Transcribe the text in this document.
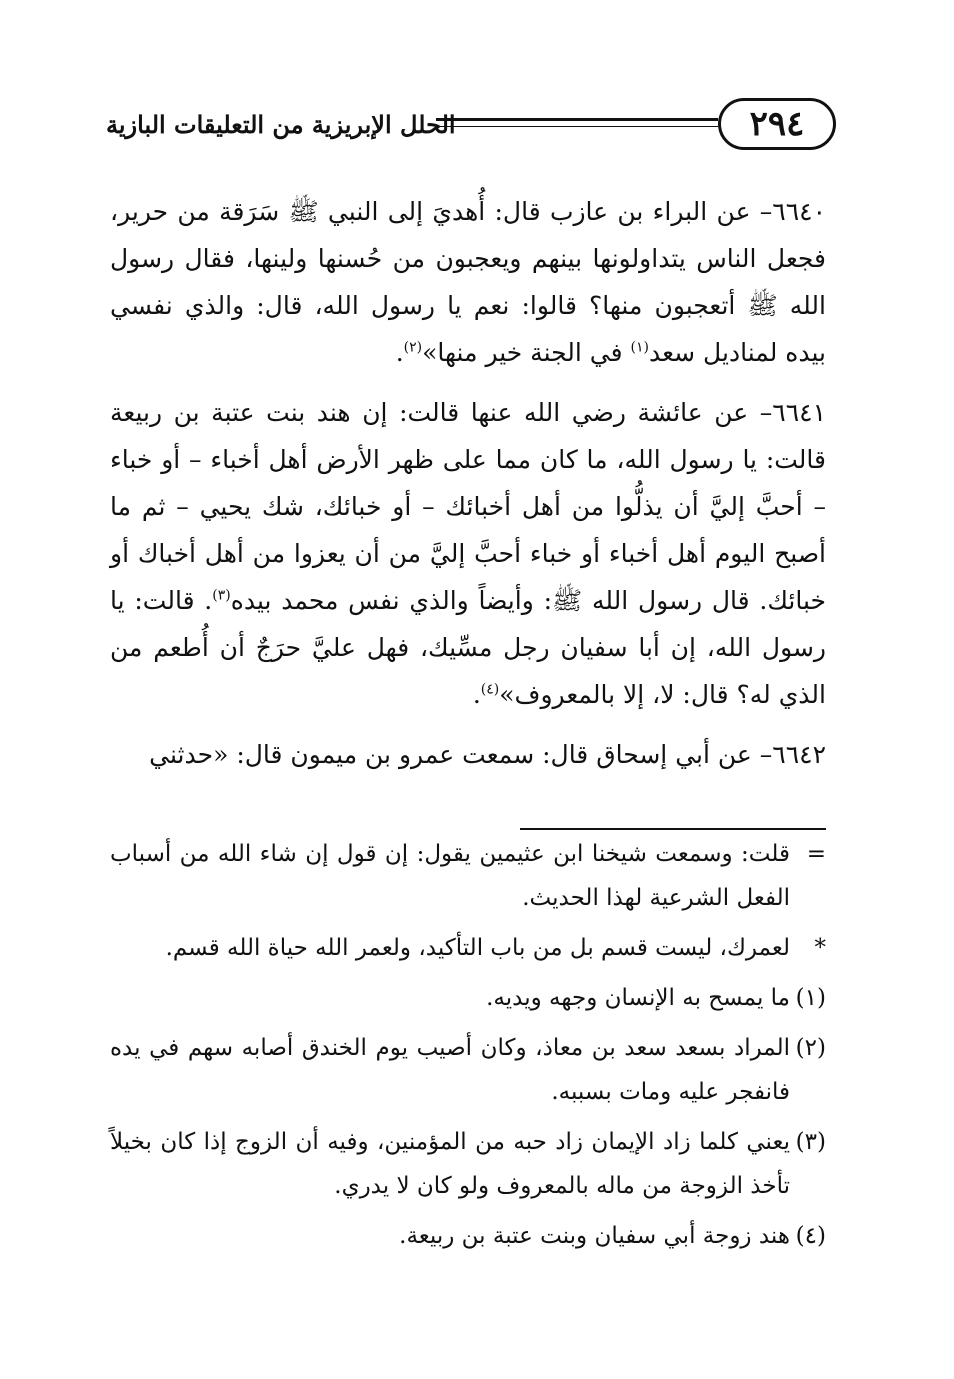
٢٩٤
الحلل الإبريزية من التعليقات البازية

٦٦٤٠– عن البراء بن عازب قال: أُهديَ إلى النبي ﷺ سَرَقة من حرير، فجعل الناس يتداولونها بينهم ويعجبون من حُسنها ولينها، فقال رسول الله ﷺ أتعجبون منها؟ قالوا: نعم يا رسول الله، قال: والذي نفسي بيده لمناديل سعد$^{(١)}$ في الجنة خير منها»$^{(٢)}$.

٦٦٤١– عن عائشة رضي الله عنها قالت: إن هند بنت عتبة بن ربيعة قالت: يا رسول الله، ما كان مما على ظهر الأرض أهل أخباء – أو خباء – أحبَّ إليَّ أن يذلُّوا من أهل أخبائك – أو خبائك، شك يحيي – ثم ما أصبح اليوم أهل أخباء أو خباء أحبَّ إليَّ من أن يعزوا من أهل أخباك أو خبائك. قال رسول الله ﷺ: وأيضاً والذي نفس محمد بيده$^{(٣)}$. قالت: يا رسول الله، إن أبا سفيان رجل مسِّيك، فهل عليَّ حرَجٌ أن أُطعم من الذي له؟ قال: لا، إلا بالمعروف»$^{(٤)}$.

٦٦٤٢– عن أبي إسحاق قال: سمعت عمرو بن ميمون قال: «حدثني

=
قلت: وسمعت شيخنا ابن عثيمين يقول: إن قول إن شاء الله من أسباب الفعل الشرعية لهذا الحديث.

*
لعمرك، ليست قسم بل من باب التأكيد، ولعمر الله حياة الله قسم.

(١)
ما يمسح به الإنسان وجهه ويديه.

(٢)
المراد بسعد سعد بن معاذ، وكان أصيب يوم الخندق أصابه سهم في يده فانفجر عليه ومات بسببه.

(٣)
يعني كلما زاد الإيمان زاد حبه من المؤمنين، وفيه أن الزوج إذا كان بخيلاً تأخذ الزوجة من ماله بالمعروف ولو كان لا يدري.

(٤)
هند زوجة أبي سفيان وبنت عتبة بن ربيعة.
